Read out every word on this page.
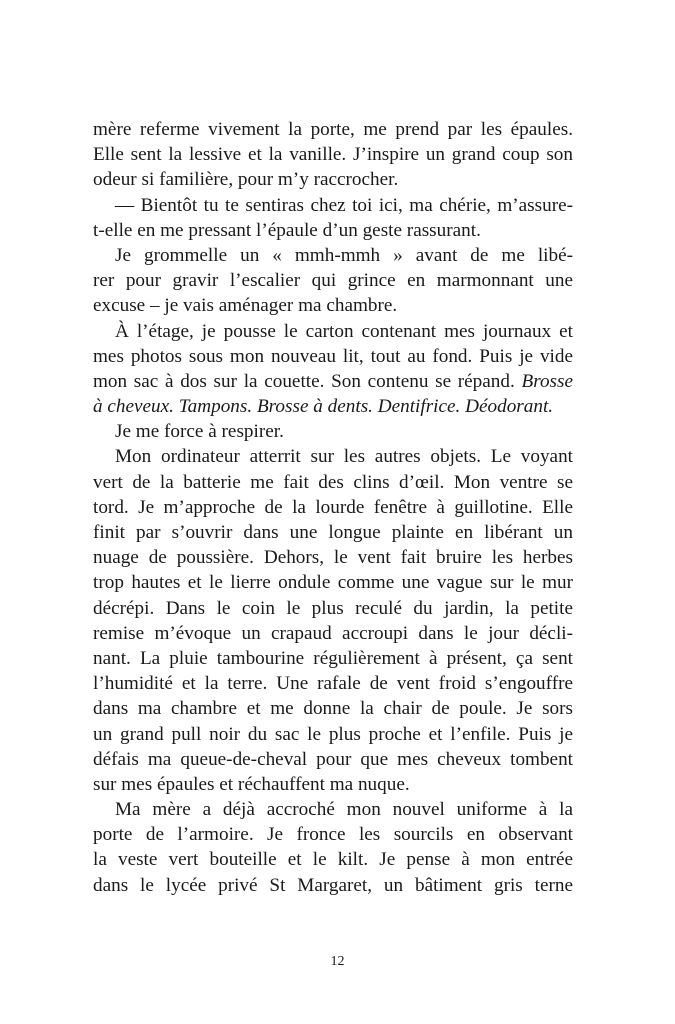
mère referme vivement la porte, me prend par les épaules.
Elle sent la lessive et la vanille. J’inspire un grand coup son
odeur si familière, pour m’y raccrocher.
— Bientôt tu te sentiras chez toi ici, ma chérie, m’assure-
t-elle en me pressant l’épaule d’un geste rassurant.
Je grommelle un « mmh-mmh » avant de me libé-
rer pour gravir l’escalier qui grince en marmonnant une
excuse – je vais aménager ma chambre.
À l’étage, je pousse le carton contenant mes journaux et
mes photos sous mon nouveau lit, tout au fond. Puis je vide
mon sac à dos sur la couette. Son contenu se répand. Brosse
à cheveux. Tampons. Brosse à dents. Dentifrice. Déodorant.
Je me force à respirer.
Mon ordinateur atterrit sur les autres objets. Le voyant
vert de la batterie me fait des clins d’œil. Mon ventre se
tord. Je m’approche de la lourde fenêtre à guillotine. Elle
finit par s’ouvrir dans une longue plainte en libérant un
nuage de poussière. Dehors, le vent fait bruire les herbes
trop hautes et le lierre ondule comme une vague sur le mur
décrépi. Dans le coin le plus reculé du jardin, la petite
remise m’évoque un crapaud accroupi dans le jour décli-
nant. La pluie tambourine régulièrement à présent, ça sent
l’humidité et la terre. Une rafale de vent froid s’engouffre
dans ma chambre et me donne la chair de poule. Je sors
un grand pull noir du sac le plus proche et l’enfile. Puis je
défais ma queue-de-cheval pour que mes cheveux tombent
sur mes épaules et réchauffent ma nuque.
Ma mère a déjà accroché mon nouvel uniforme à la
porte de l’armoire. Je fronce les sourcils en observant
la veste vert bouteille et le kilt. Je pense à mon entrée
dans le lycée privé St Margaret, un bâtiment gris terne
12
